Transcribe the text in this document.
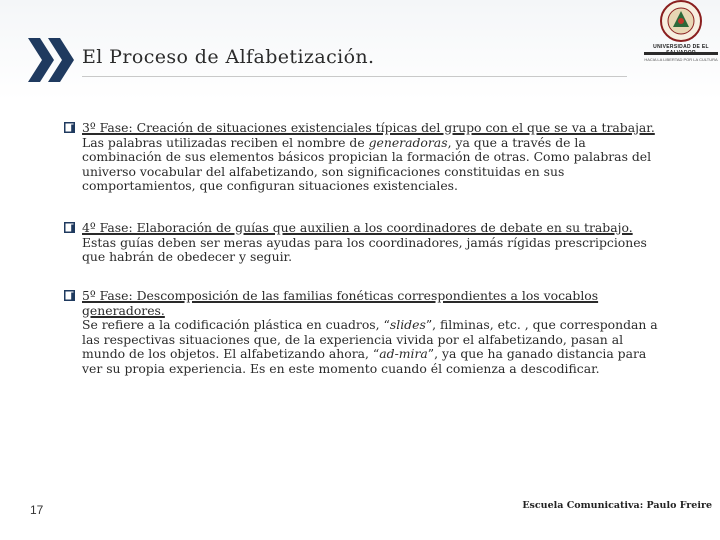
El Proceso de Alfabetización.	UNIVERSIDAD DE EL
HACIA LA LIBERTAD POR LA CULTURA
3º Fase: Creación de situaciones existenciales típicas del grupo con el que se va a trabajar.
Las palabras utilizadas reciben el nombre de generadoras, ya que a través de la combinación de sus elementos básicos propician la formación de otras. Como palabras del universo vocabular del alfabetizando, son significaciones constituidas en sus comportamientos, que configuran situaciones existenciales.
4º Fase: Elaboración de guías que auxilien a los coordinadores de debate en su trabajo.
Estas guías deben ser meras ayudas para los coordinadores, jamás rígidas prescripciones que habrán de obedecer y seguir.
5º Fase: Descomposición de las familias fonéticas correspondientes a los vocablos generadores.
Se refiere a la codificación plástica en cuadros, “slides”, filminas, etc. , que correspondan a las respectivas situaciones que, de la experiencia vivida por el alfabetizando, pasan al mundo de los objetos. El alfabetizando ahora, “ad-mira”, ya que ha ganado distancia para ver su propia experiencia. Es en este momento cuando él comienza a descodificar.
17	Escuela Comunicativa: Paulo Freire
